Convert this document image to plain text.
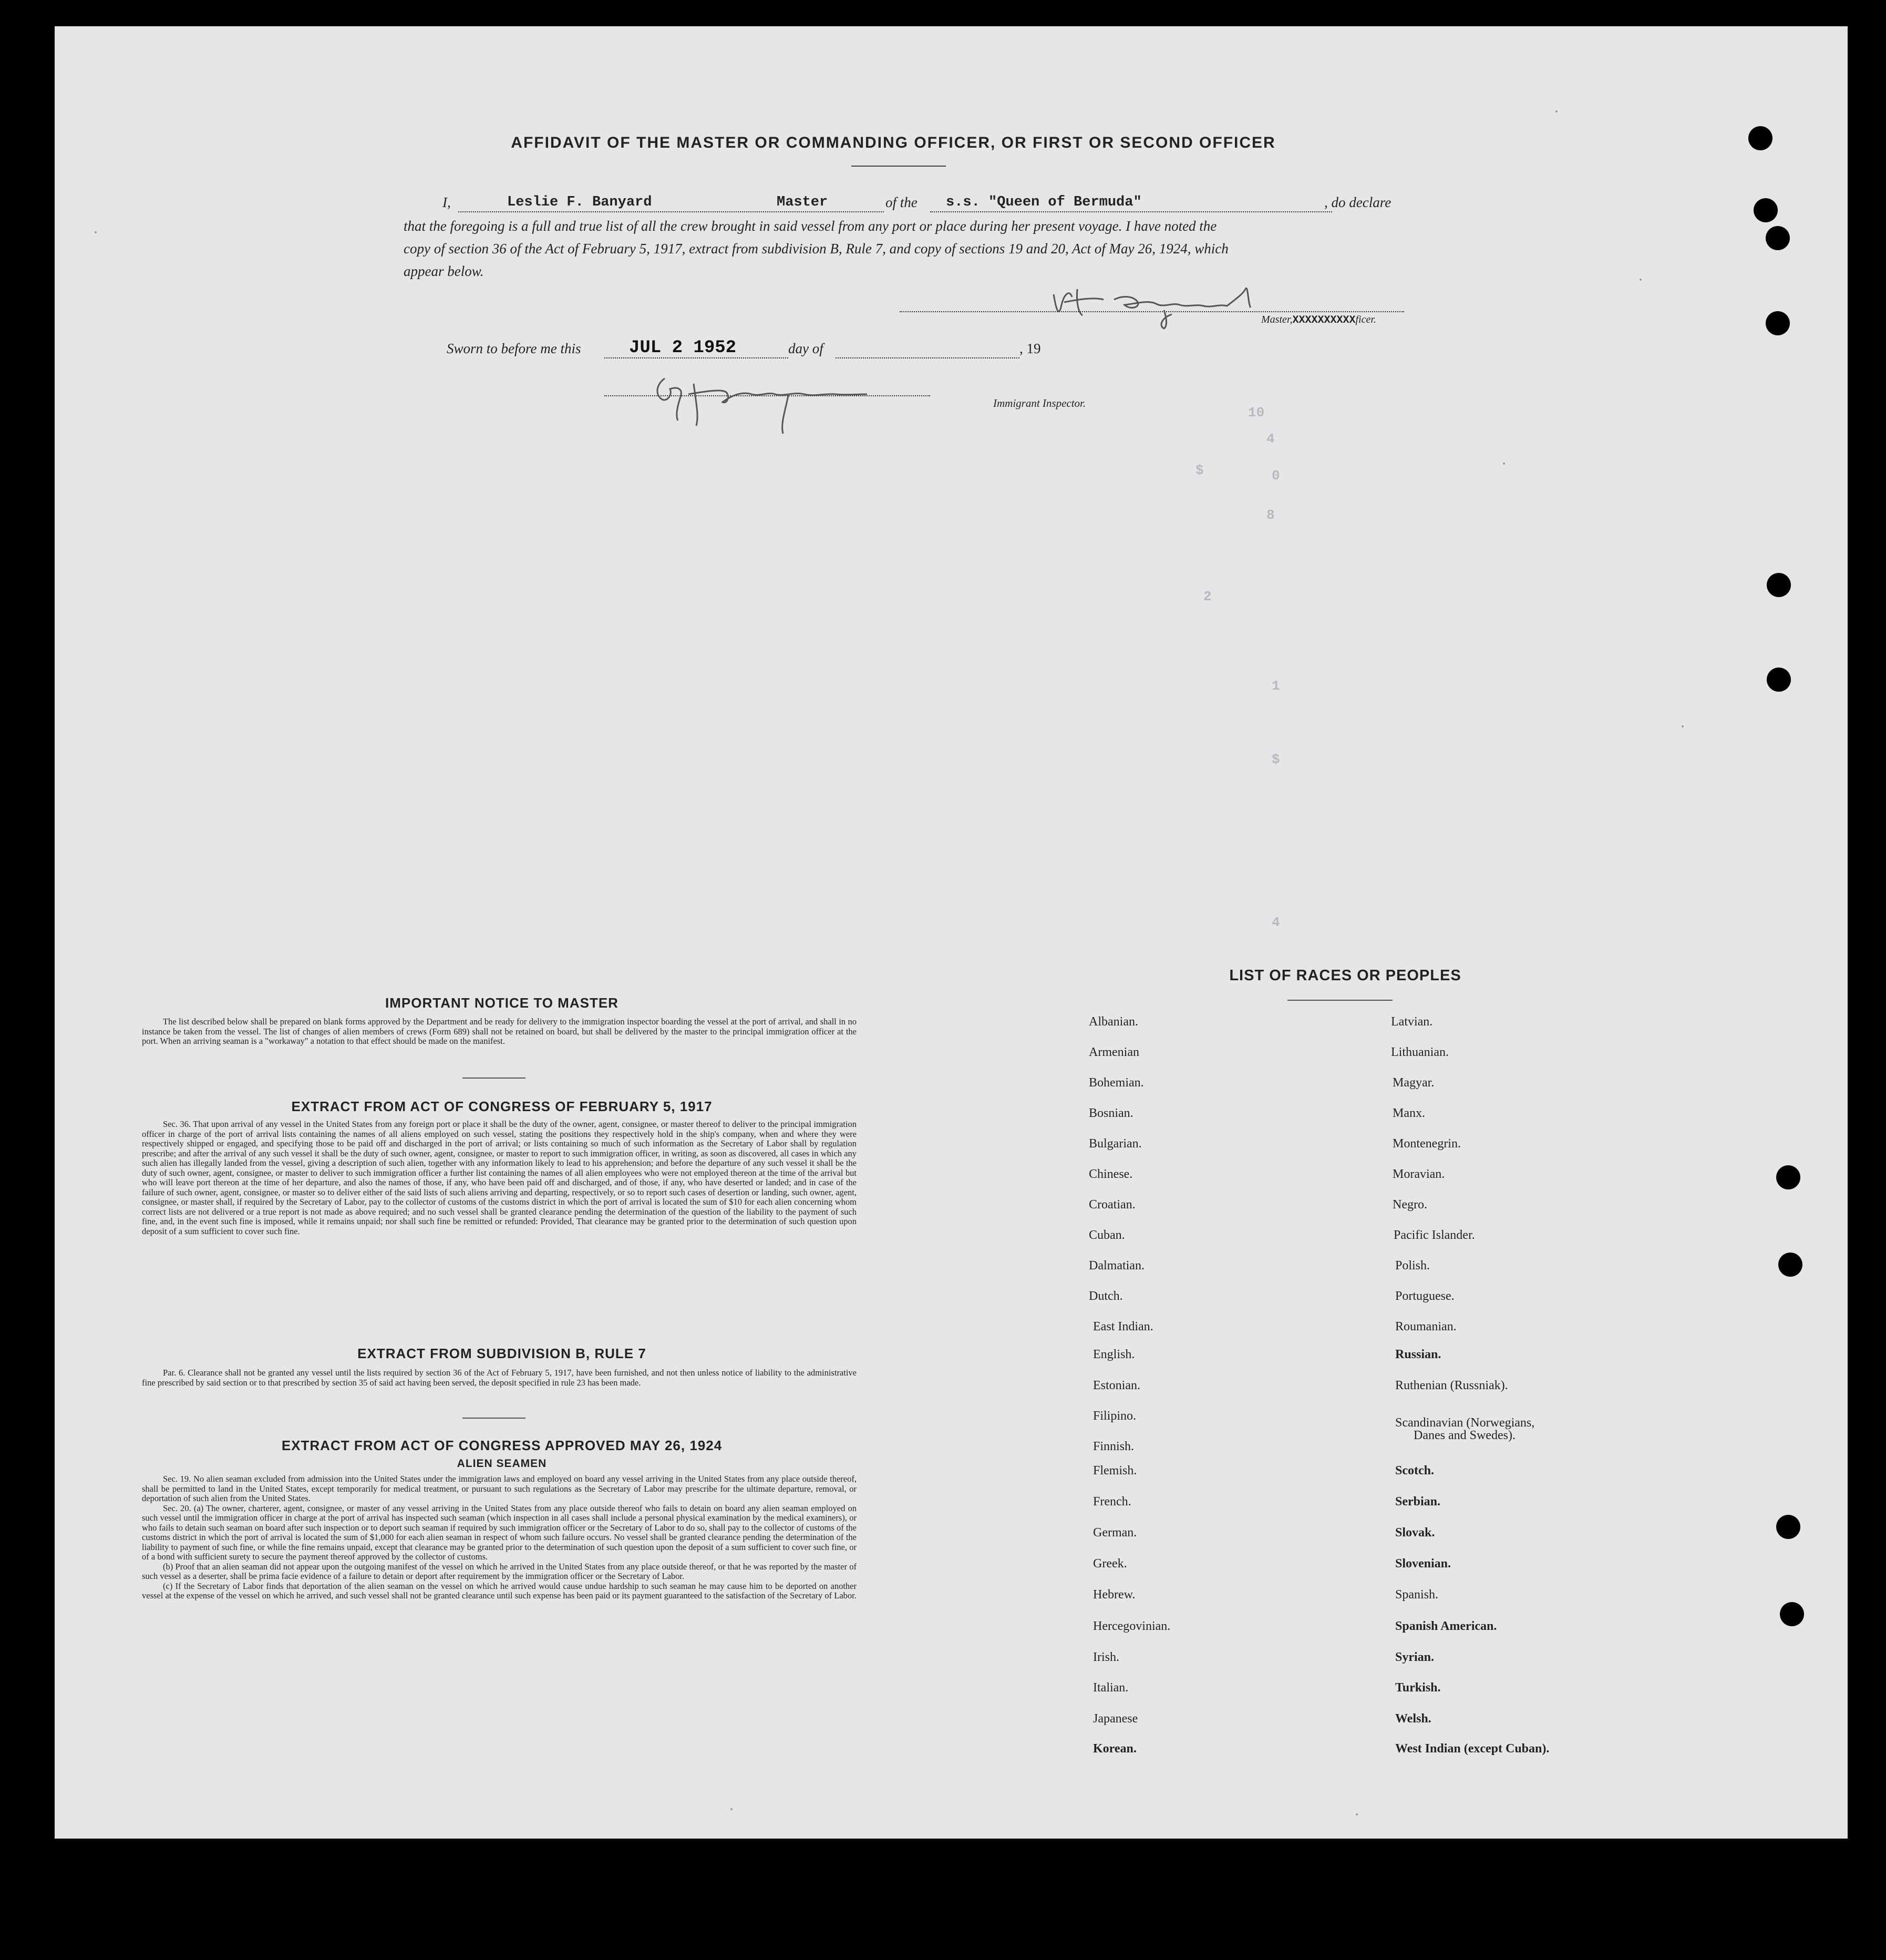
AFFIDAVIT OF THE MASTER OR COMMANDING OFFICER, OR FIRST OR SECOND OFFICER
I,	Leslie F. Banyard	Master	of the s.s. "Queen of Bermuda"	, do declare
that the foregoing is a full and true list of all the crew brought in said vessel from any port or place during her present voyage. I have noted the
copy of section 36 of the Act of February 5, 1917, extract from subdivision B, Rule 7, and copy of sections 19 and 20, Act of May 26, 1924, which
appear below.
Master,XXXXXXXXXXficer.
Sworn to before me this	JUL 2 1952	day of	, 19
Immigrant Inspector.
10
4
$	0
8
2
1
$
4
IMPORTANT NOTICE TO MASTER

The list described below shall be prepared on blank forms approved by the Department and be ready for delivery to the immigration inspector boarding the vessel at the port of arrival, and shall in no instance be taken from the vessel. The list of changes of alien members of crews (Form 689) shall not be retained on board, but shall be delivered by the master to the principal immigration officer at the port. When an arriving seaman is a "workaway" a notation to that effect should be made on the manifest.

EXTRACT FROM ACT OF CONGRESS OF FEBRUARY 5, 1917

Sec. 36. That upon arrival of any vessel in the United States from any foreign port or place it shall be the duty of the owner, agent, consignee, or master thereof to deliver to the principal immigration officer in charge of the port of arrival lists containing the names of all aliens employed on such vessel, stating the positions they respectively hold in the ship's company, when and where they were respectively shipped or engaged, and specifying those to be paid off and discharged in the port of arrival; or lists containing so much of such information as the Secretary of Labor shall by regulation prescribe; and after the arrival of any such vessel it shall be the duty of such owner, agent, consignee, or master to report to such immigration officer, in writing, as soon as discovered, all cases in which any such alien has illegally landed from the vessel, giving a description of such alien, together with any information likely to lead to his apprehension; and before the departure of any such vessel it shall be the duty of such owner, agent, consignee, or master to deliver to such immigration officer a further list containing the names of all alien employees who were not employed thereon at the time of the arrival but who will leave port thereon at the time of her departure, and also the names of those, if any, who have been paid off and discharged, and of those, if any, who have deserted or landed; and in case of the failure of such owner, agent, consignee, or master so to deliver either of the said lists of such aliens arriving and departing, respectively, or so to report such cases of desertion or landing, such owner, agent, consignee, or master shall, if required by the Secretary of Labor, pay to the collector of customs of the customs district in which the port of arrival is located the sum of $10 for each alien concerning whom correct lists are not delivered or a true report is not made as above required; and no such vessel shall be granted clearance pending the determination of the question of the liability to the payment of such fine, and, in the event such fine is imposed, while it remains unpaid; nor shall such fine be remitted or refunded: Provided, That clearance may be granted prior to the determination of such question upon deposit of a sum sufficient to cover such fine.

EXTRACT FROM SUBDIVISION B, RULE 7

Par. 6. Clearance shall not be granted any vessel until the lists required by section 36 of the Act of February 5, 1917, have been furnished, and not then unless notice of liability to the administrative fine prescribed by said section or to that prescribed by section 35 of said act having been served, the deposit specified in rule 23 has been made.

EXTRACT FROM ACT OF CONGRESS APPROVED MAY 26, 1924
ALIEN SEAMEN

Sec. 19. No alien seaman excluded from admission into the United States under the immigration laws and employed on board any vessel arriving in the United States from any place outside thereof, shall be permitted to land in the United States, except temporarily for medical treatment, or pursuant to such regulations as the Secretary of Labor may prescribe for the ultimate departure, removal, or deportation of such alien from the United States.

Sec. 20. (a) The owner, charterer, agent, consignee, or master of any vessel arriving in the United States from any place outside thereof who fails to detain on board any alien seaman employed on such vessel until the immigration officer in charge at the port of arrival has inspected such seaman (which inspection in all cases shall include a personal physical examination by the medical examiners), or who fails to detain such seaman on board after such inspection or to deport such seaman if required by such immigration officer or the Secretary of Labor to do so, shall pay to the collector of customs of the customs district in which the port of arrival is located the sum of $1,000 for each alien seaman in respect of whom such failure occurs. No vessel shall be granted clearance pending the determination of the liability to payment of such fine, or while the fine remains unpaid, except that clearance may be granted prior to the determination of such question upon the deposit of a sum sufficient to cover such fine, or of a bond with sufficient surety to secure the payment thereof approved by the collector of customs.

(b) Proof that an alien seaman did not appear upon the outgoing manifest of the vessel on which he arrived in the United States from any place outside thereof, or that he was reported by the master of such vessel as a deserter, shall be prima facie evidence of a failure to detain or deport after requirement by the immigration officer or the Secretary of Labor.

(c) If the Secretary of Labor finds that deportation of the alien seaman on the vessel on which he arrived would cause undue hardship to such seaman he may cause him to be deported on another vessel at the expense of the vessel on which he arrived, and such vessel shall not be granted clearance until such expense has been paid or its payment guaranteed to the satisfaction of the Secretary of Labor.

LIST OF RACES OR PEOPLES
Albanian.
Armenian
Bohemian.
Bosnian.
Bulgarian.
Chinese.
Croatian.
Cuban.
Dalmatian.
Dutch.
East Indian.
English.
Estonian.
Filipino.
Finnish.
Flemish.
French.
German.
Greek.
Hebrew.
Hercegovinian.
Irish.
Italian.
Japanese
Korean.
Latvian.
Lithuanian.
Magyar.
Manx.
Montenegrin.
Moravian.
Negro.
Pacific Islander.
Polish.
Portuguese.
Roumanian.
Russian.
Ruthenian (Russniak).
Scandinavian (Norwegians,
Danes and Swedes).
Scotch.
Serbian.
Slovak.
Slovenian.
Spanish.
Spanish American.
Syrian.
Turkish.
Welsh.
West Indian (except Cuban).
